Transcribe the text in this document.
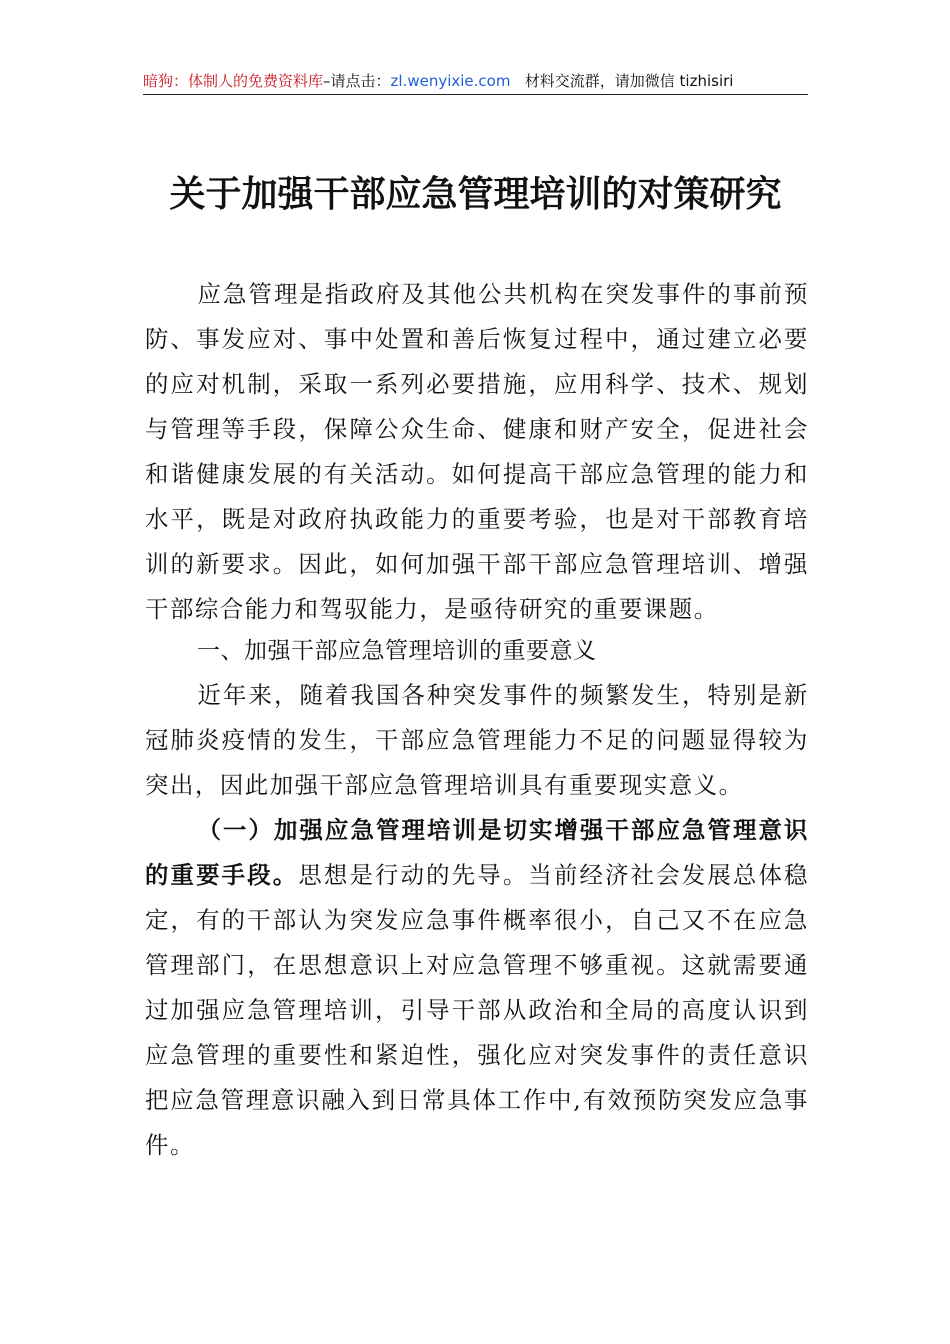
暗狗：体制人的免费资料库–请点击：zl.wenyixie.com 材料交流群，请加微信 tizhisiri
关于加强干部应急管理培训的对策研究

应急管理是指政府及其他公共机构在突发事件的事前预防、事发应对、事中处置和善后恢复过程中，通过建立必要的应对机制，采取一系列必要措施，应用科学、技术、规划与管理等手段，保障公众生命、健康和财产安全，促进社会和谐健康发展的有关活动。如何提高干部应急管理的能力和水平，既是对政府执政能力的重要考验，也是对干部教育培训的新要求。因此，如何加强干部干部应急管理培训、增强干部综合能力和驾驭能力，是亟待研究的重要课题。

一、加强干部应急管理培训的重要意义

近年来，随着我国各种突发事件的频繁发生，特别是新冠肺炎疫情的发生，干部应急管理能力不足的问题显得较为突出，因此加强干部应急管理培训具有重要现实意义。

（一）加强应急管理培训是切实增强干部应急管理意识的重要手段。思想是行动的先导。当前经济社会发展总体稳定，有的干部认为突发应急事件概率很小，自己又不在应急管理部门，在思想意识上对应急管理不够重视。这就需要通过加强应急管理培训，引导干部从政治和全局的高度认识到应急管理的重要性和紧迫性，强化应对突发事件的责任意识把应急管理意识融入到日常具体工作中,有效预防突发应急事件。
